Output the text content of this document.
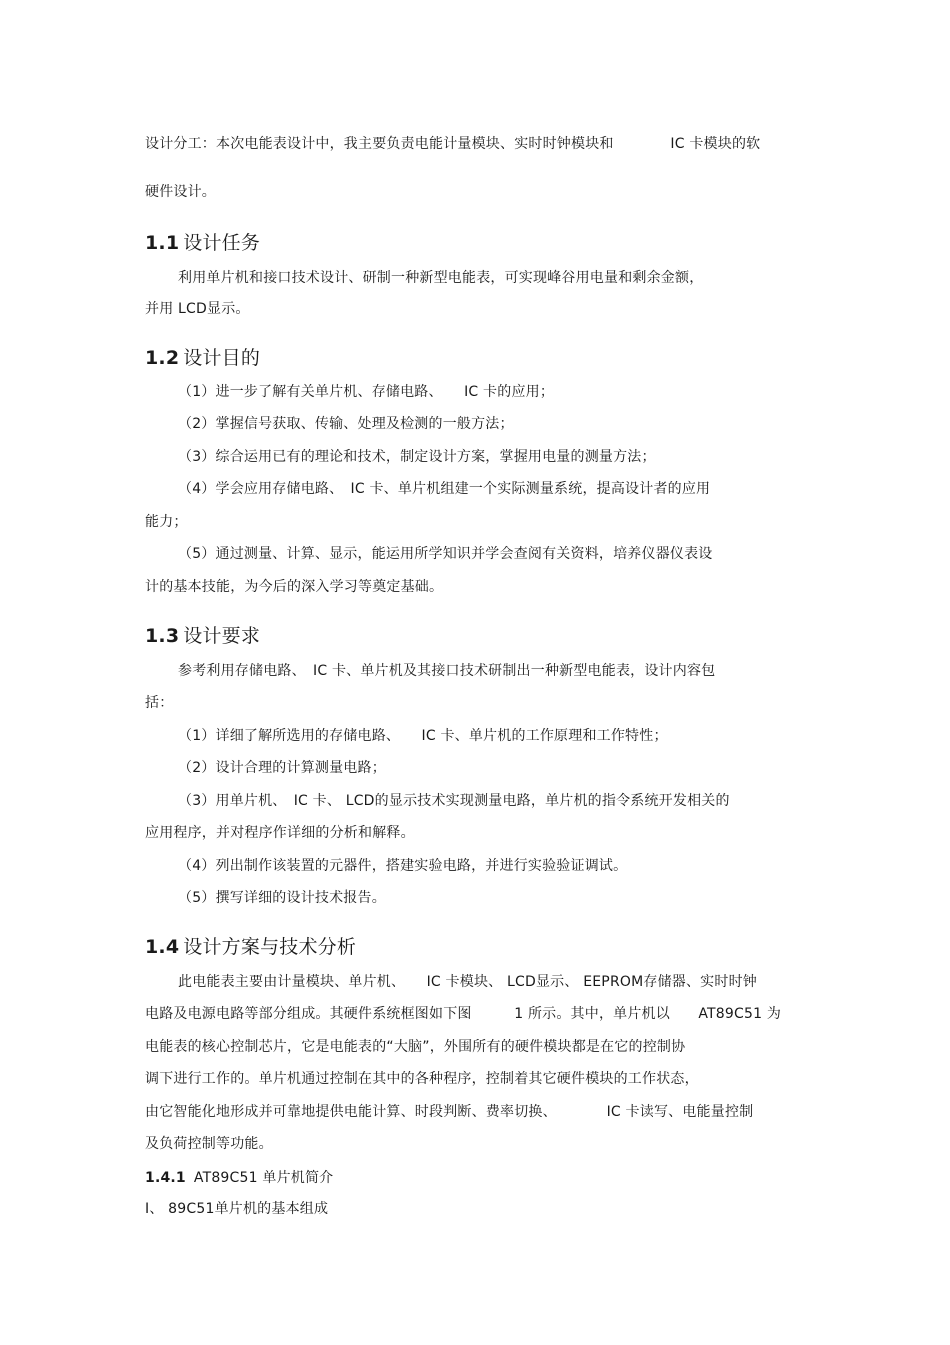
设计分工：本次电能表设计中，我主要负责电能计量模块、实时时钟模块和　　　　IC 卡模块的软
硬件设计。
1.1 设计任务
利用单片机和接口技术设计、研制一种新型电能表，可实现峰谷用电量和剩余金额，
并用 LCD显示。
1.2 设计目的
（1）进一步了解有关单片机、存储电路、　　IC 卡的应用；
（2）掌握信号获取、传输、处理及检测的一般方法；
（3）综合运用已有的理论和技术，制定设计方案，掌握用电量的测量方法；
（4）学会应用存储电路、　IC 卡、单片机组建一个实际测量系统，提高设计者的应用
能力；
（5）通过测量、计算、显示，能运用所学知识并学会查阅有关资料，培养仪器仪表设
计的基本技能，为今后的深入学习等奠定基础。
1.3 设计要求
参考利用存储电路、　IC 卡、单片机及其接口技术研制出一种新型电能表，设计内容包
括：
（1）详细了解所选用的存储电路、　　IC 卡、单片机的工作原理和工作特性；
（2）设计合理的计算测量电路；
（3）用单片机、　IC 卡、 LCD的显示技术实现测量电路，单片机的指令系统开发相关的
应用程序，并对程序作详细的分析和解释。
（4）列出制作该装置的元器件，搭建实验电路，并进行实验验证调试。
（5）撰写详细的设计技术报告。
1.4 设计方案与技术分析
此电能表主要由计量模块、单片机、　　IC 卡模块、 LCD显示、 EEPROM存储器、实时时钟
电路及电源电路等部分组成。其硬件系统框图如下图　　　1 所示。其中，单片机以　　AT89C51 为
电能表的核心控制芯片，它是电能表的“大脑”，外围所有的硬件模块都是在它的控制协
调下进行工作的。单片机通过控制在其中的各种程序，控制着其它硬件模块的工作状态，
由它智能化地形成并可靠地提供电能计算、时段判断、费率切换、　　　　IC 卡读写、电能量控制
及负荷控制等功能。
1.4.1 AT89C51 单片机简介
Ⅰ、 89C51单片机的基本组成
